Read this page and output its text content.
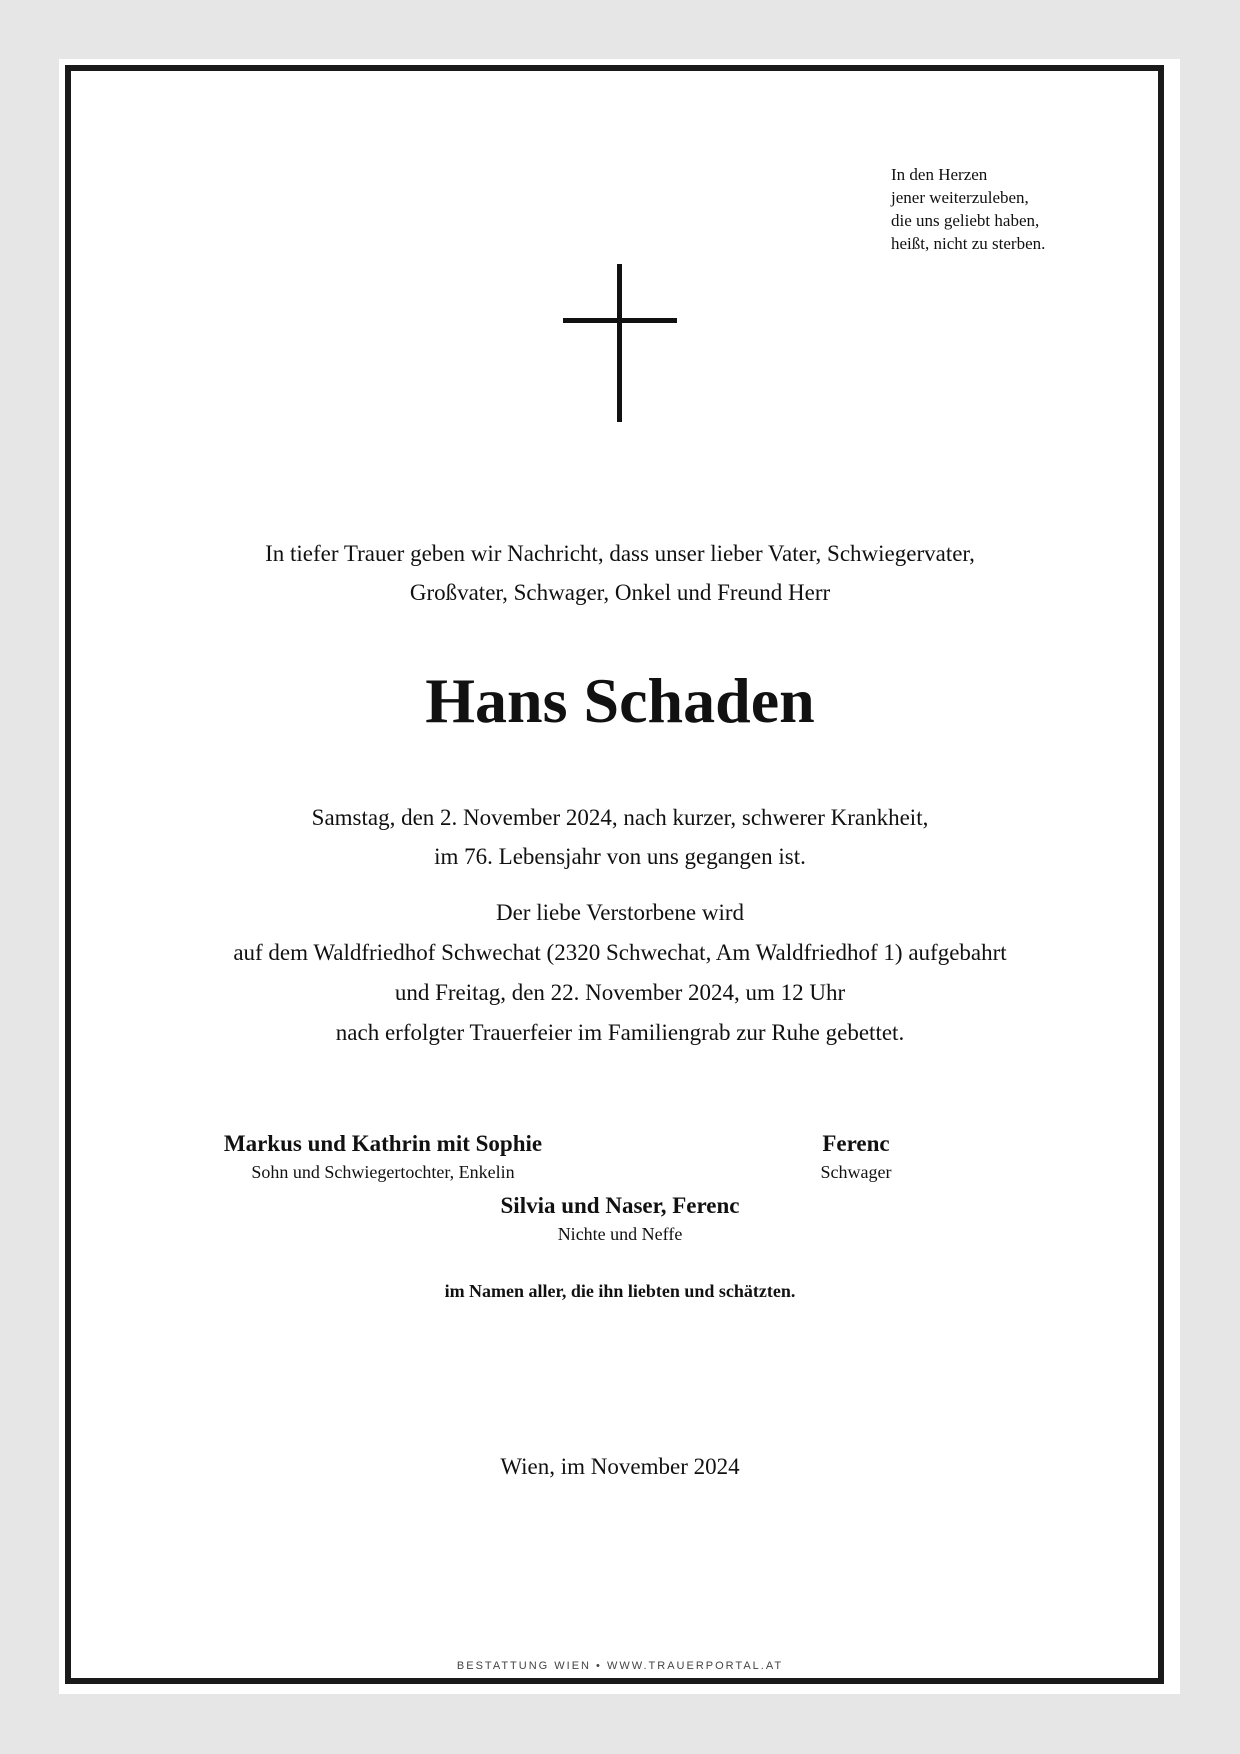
In den Herzen
jener weiterzuleben,
die uns geliebt haben,
heißt, nicht zu sterben.

In tiefer Trauer geben wir Nachricht, dass unser lieber Vater, Schwiegervater,
Großvater, Schwager, Onkel und Freund Herr

Hans Schaden

Samstag, den 2. November 2024, nach kurzer, schwerer Krankheit,
im 76. Lebensjahr von uns gegangen ist.

Der liebe Verstorbene wird
auf dem Waldfriedhof Schwechat (2320 Schwechat, Am Waldfriedhof 1) aufgebahrt
und Freitag, den 22. November 2024, um 12 Uhr
nach erfolgter Trauerfeier im Familiengrab zur Ruhe gebettet.

Markus und Kathrin mit Sophie
Sohn und Schwiegertochter, Enkelin
Ferenc
Schwager
Silvia und Naser, Ferenc
Nichte und Neffe

im Namen aller, die ihn liebten und schätzten.

Wien, im November 2024

BESTATTUNG WIEN • WWW.TRAUERPORTAL.AT
